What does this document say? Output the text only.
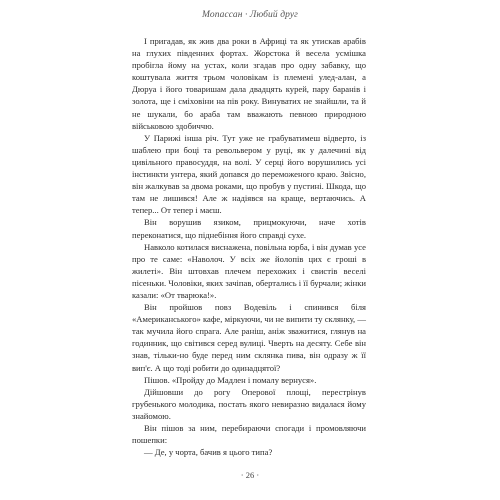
Мопассан · Любий друг

І пригадав, як жив два роки в Африці та як утискав арабів на глухих південних фортах. Жорстока й весела усмішка пробігла йому на устах, коли згадав про одну забавку, що коштувала життя трьом чоловікам із племені улед-алан, а Дюруа і його товаришам дала двадцять курей, пару баранів і золота, ще і сміховіни на пів року. Винуватих не знайшли, та й не шукали, бо араба там вважають певною природною військовою здобиччю.

У Парижі інша річ. Тут уже не грабуватимеш відверто, із шаблею при боці та револьвером у руці, як у далечині від цивільного правосуддя, на волі. У серці його ворушились усі інстинкти унтера, який допався до переможеного краю. Звісно, він жалкував за двома роками, що пробув у пустині. Шкода, що там не лишився! Але ж надіявся на краще, вертаючись. А тепер... От тепер і маєш.

Він ворушив язиком, прицмокуючи, наче хотів переконатися, що піднебіння його справді сухе.

Навколо котилася виснажена, повільна юрба, і він думав усе про те саме: «Наволоч. У всіх же йолопів цих є гроші в жилеті». Він штовхав плечем перехожих і свистів веселі пісеньки. Чоловіки, яких зачіпав, обертались і її бурчали; жінки казали: «От тварюка!».

Він пройшов повз Водевіль і спинився біля «Американського» кафе, міркуючи, чи не випити ту склянку, — так мучила його спрага. Але раніш, аніж зважитися, глянув на годинник, що світився серед вулиці. Чверть на десяту. Себе він знав, тільки-но буде перед ним склянка пива, він одразу ж її вип'є. А що тоді робити до одинадцятої?

Пішов. «Пройду до Мадлен і помалу вернуся».

Дійшовши до рогу Оперової площі, перестрінув грубенького молодика, постать якого невиразно видалася йому знайомою.

Він пішов за ним, перебираючи спогади і промовляючи пошепки:

— Де, у чорта, бачив я цього типа?

· 26 ·
